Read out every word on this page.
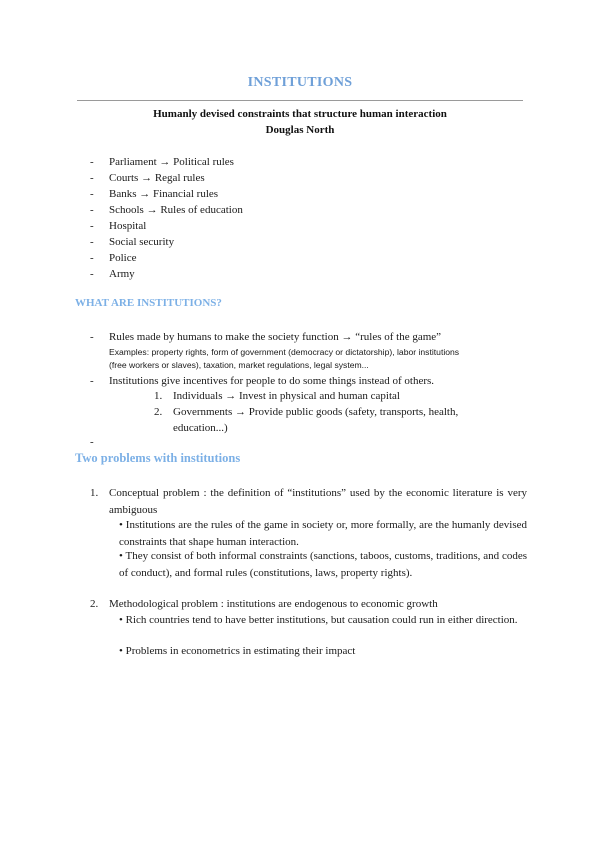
INSTITUTIONS
Humanly devised constraints that structure human interaction
Douglas North
- Parliament → Political rules
- Courts → Regal rules
- Banks → Financial rules
- Schools → Rules of education
- Hospital
- Social security
- Police
- Army
WHAT ARE INSTITUTIONS?
- Rules made by humans to make the society function → “rules of the game”
Examples: property rights, form of government (democracy or dictatorship), labor institutions
(free workers or slaves), taxation, market regulations, legal system...
- Institutions give incentives for people to do some things instead of others.
1. Individuals → Invest in physical and human capital
2. Governments → Provide public goods (safety, transports, health,
education...)
-
Two problems with institutions
1. Conceptual problem : the definition of “institutions” used by the economic literature is very ambiguous
• Institutions are the rules of the game in society or, more formally, are the humanly devised constraints that shape human interaction.
• They consist of both informal constraints (sanctions, taboos, customs, traditions, and codes of conduct), and formal rules (constitutions, laws, property rights).
2. Methodological problem : institutions are endogenous to economic growth
• Rich countries tend to have better institutions, but causation could run in either direction.
• Problems in econometrics in estimating their impact
